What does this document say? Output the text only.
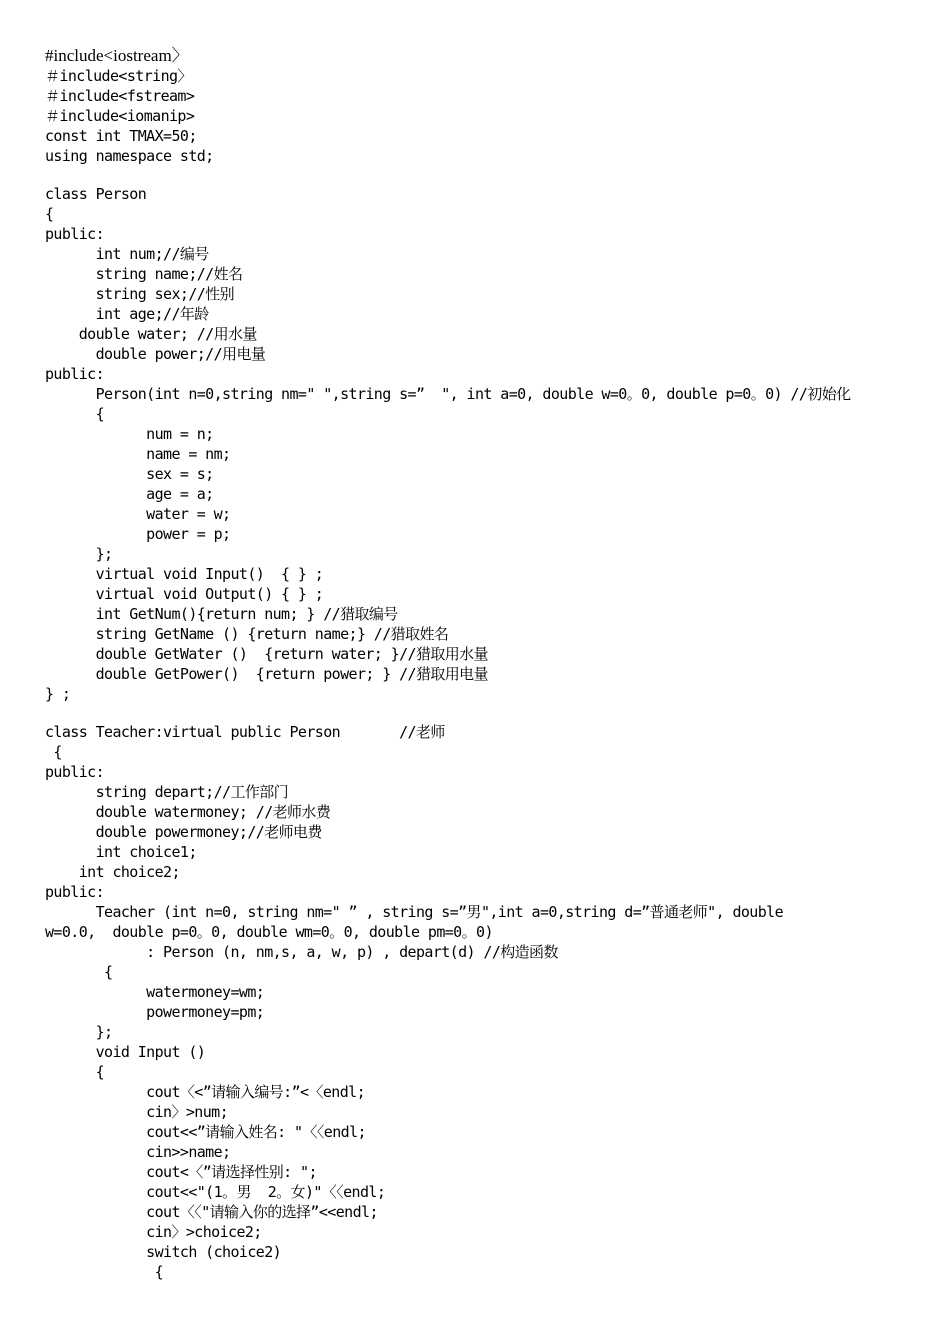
#include<iostream〉
＃include<string〉
＃include<fstream>
＃include<iomanip>
const int TMAX=50;
using namespace std;
class Person
{
public:
int num;//编号
string name;//姓名
string sex;//性别
int age;//年龄
double water; //用水量
double power;//用电量
public:
Person(int n=0,string nm=" ",string s=”  ", int a=0, double w=0。0, double p=0。0) //初始化
{
num = n;
name = nm;
sex = s;
age = a;
water = w;
power = p;
};
virtual void Input()  { } ;
virtual void Output() { } ;
int GetNum(){return num; } //猎取编号
string GetName () {return name;} //猎取姓名
double GetWater ()  {return water; }//猎取用水量
double GetPower()  {return power; } //猎取用电量
} ;
class Teacher:virtual public Person       //老师
{
public:
string depart;//工作部门
double watermoney; //老师水费
double powermoney;//老师电费
int choice1;
int choice2;
public:
Teacher (int n=0, string nm=" ” , string s=”男",int a=0,string d=”普通老师", double
w=0.0,  double p=0。0, double wm=0。0, double pm=0。0)
: Person (n, nm,s, a, w, p) , depart(d) //构造函数
{
watermoney=wm;
powermoney=pm;
};
void Input ()
{
cout〈<”请输入编号:”<〈endl;
cin〉>num;
cout<<”请输入姓名: "〈〈endl;
cin>>name;
cout<〈”请选择性别: ";
cout<<"(1。男  2。女)"〈〈endl;
cout〈〈"请输入你的选择”<<endl;
cin〉>choice2;
switch (choice2)
{
